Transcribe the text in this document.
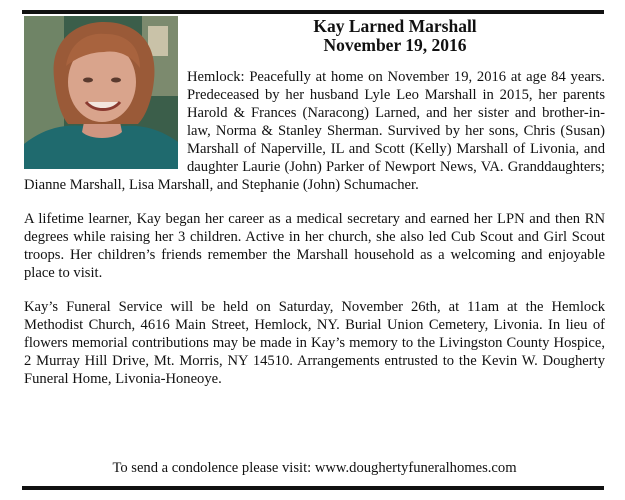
Kay Larned Marshall
November 19, 2016

Hemlock: Peacefully at home on November 19, 2016 at age 84 years. Predeceased by her husband Lyle Leo Marshall in 2015, her parents Harold & Frances (Naracong) Larned, and her sister and brother-in-law, Norma & Stanley Sherman. Survived by her sons, Chris (Susan) Marshall of Naperville, IL and Scott (Kelly) Marshall of Livonia, and daughter Laurie (John) Parker of Newport News, VA. Granddaughters; Dianne Marshall, Lisa Marshall, and Stephanie (John) Schumacher.

A lifetime learner, Kay began her career as a medical secretary and earned her LPN and then RN degrees while raising her 3 children. Active in her church, she also led Cub Scout and Girl Scout troops. Her children’s friends remember the Marshall household as a welcoming and enjoyable place to visit.

Kay’s Funeral Service will be held on Saturday, November 26th, at 11am at the Hemlock Methodist Church, 4616 Main Street, Hemlock, NY. Burial Union Cemetery, Livonia. In lieu of flowers memorial contributions may be made in Kay’s memory to the Livingston County Hospice, 2 Murray Hill Drive, Mt. Morris, NY 14510. Arrangements entrusted to the Kevin W. Dougherty Funeral Home, Livonia-Honeoye.

To send a condolence please visit: www.doughertyfuneralhomes.com
